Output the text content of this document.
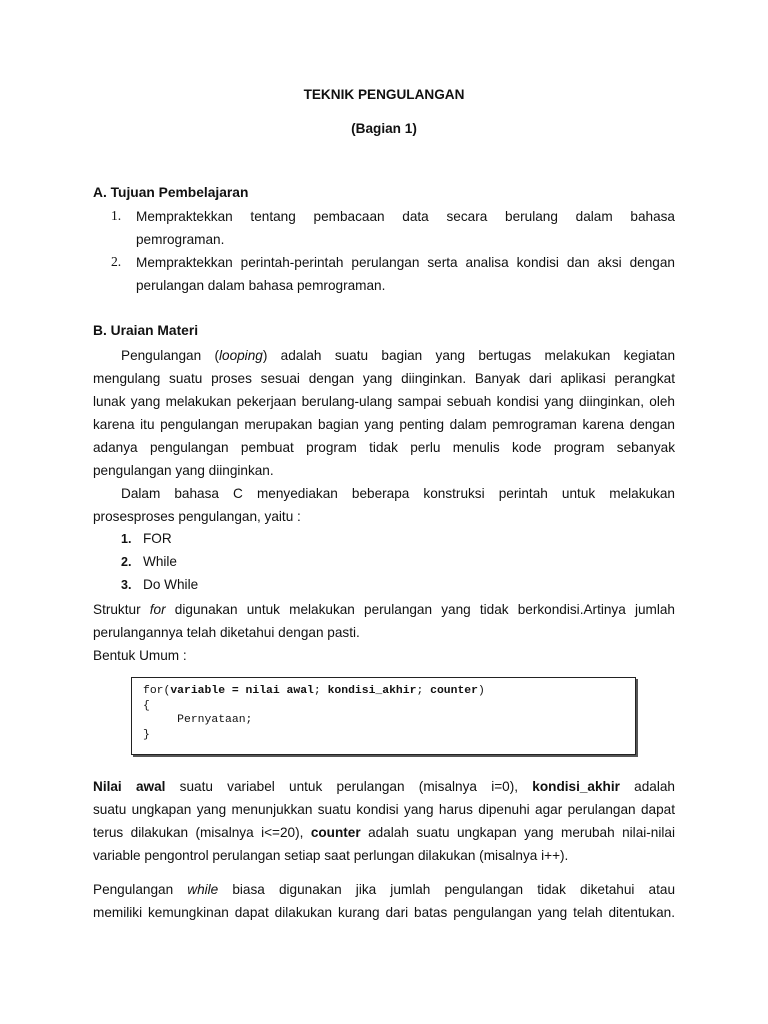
TEKNIK PENGULANGAN
(Bagian 1)
A. Tujuan Pembelajaran
1. Mempraktekkan tentang pembacaan data secara berulang dalam bahasa
pemrograman.
2. Mempraktekkan perintah-perintah perulangan serta analisa kondisi dan aksi dengan
perulangan dalam bahasa pemrograman.
B. Uraian Materi
Pengulangan (looping) adalah suatu bagian yang bertugas melakukan kegiatan
mengulang suatu proses sesuai dengan yang diinginkan. Banyak dari aplikasi perangkat
lunak yang melakukan pekerjaan berulang-ulang sampai sebuah kondisi yang diinginkan, oleh
karena itu pengulangan merupakan bagian yang penting dalam pemrograman karena dengan
adanya pengulangan pembuat program tidak perlu menulis kode program sebanyak
pengulangan yang diinginkan.
Dalam bahasa C menyediakan beberapa konstruksi perintah untuk melakukan
prosesproses pengulangan, yaitu :
1. FOR
2. While
3. Do While
Struktur for digunakan untuk melakukan perulangan yang tidak berkondisi.Artinya jumlah
perulangannya telah diketahui dengan pasti.
Bentuk Umum :
for(variable = nilai awal; kondisi_akhir; counter)
{
Pernyataan;
}
Nilai awal suatu variabel untuk perulangan (misalnya i=0), kondisi_akhir adalah
suatu ungkapan yang menunjukkan suatu kondisi yang harus dipenuhi agar perulangan dapat
terus dilakukan (misalnya i<=20), counter adalah suatu ungkapan yang merubah nilai-nilai
variable pengontrol perulangan setiap saat perlungan dilakukan (misalnya i++).
Pengulangan while biasa digunakan jika jumlah pengulangan tidak diketahui atau
memiliki kemungkinan dapat dilakukan kurang dari batas pengulangan yang telah ditentukan.
